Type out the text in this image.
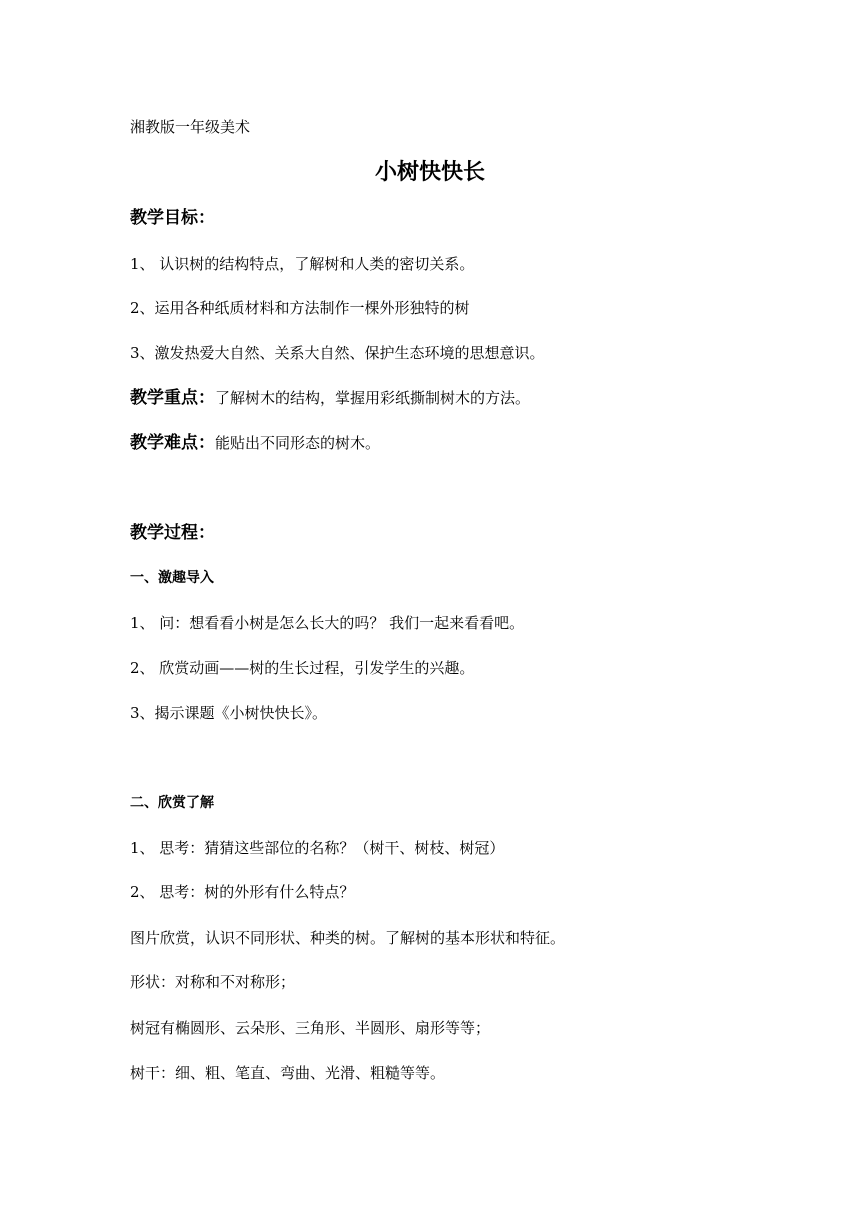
湘教版一年级美术
小树快快长
教学目标：
1、 认识树的结构特点，了解树和人类的密切关系。
2、运用各种纸质材料和方法制作一棵外形独特的树
3、激发热爱大自然、关系大自然、保护生态环境的思想意识。
教学重点：了解树木的结构，掌握用彩纸撕制树木的方法。
教学难点：能贴出不同形态的树木。
教学过程：
一、激趣导入
1、 问：想看看小树是怎么长大的吗？ 我们一起来看看吧。
2、 欣赏动画——树的生长过程，引发学生的兴趣。
3、揭示课题《小树快快长》。
二、欣赏了解
1、 思考：猜猜这些部位的名称？（树干、树枝、树冠）
2、 思考：树的外形有什么特点？
图片欣赏，认识不同形状、种类的树。了解树的基本形状和特征。
形状：对称和不对称形；
树冠有椭圆形、云朵形、三角形、半圆形、扇形等等；
树干：细、粗、笔直、弯曲、光滑、粗糙等等。
